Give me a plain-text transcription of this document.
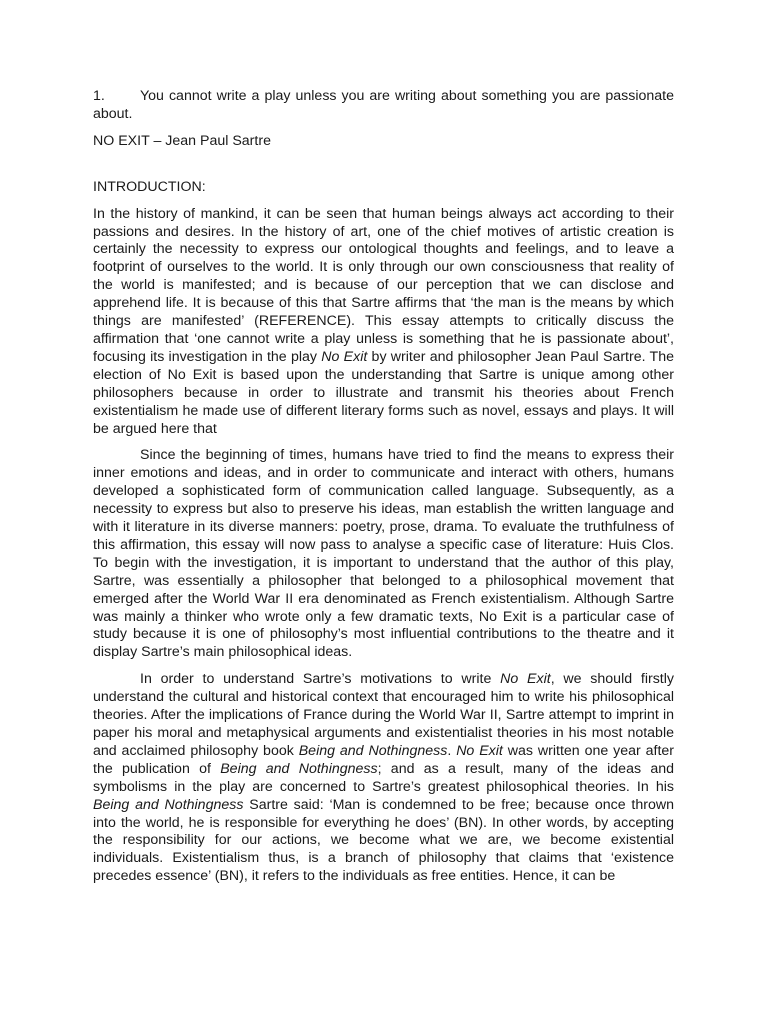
1. You cannot write a play unless you are writing about something you are passionate about.

NO EXIT – Jean Paul Sartre

INTRODUCTION:

In the history of mankind, it can be seen that human beings always act according to their passions and desires. In the history of art, one of the chief motives of artistic creation is certainly the necessity to express our ontological thoughts and feelings, and to leave a footprint of ourselves to the world. It is only through our own consciousness that reality of the world is manifested; and is because of our perception that we can disclose and apprehend life. It is because of this that Sartre affirms that ‘the man is the means by which things are manifested’ (REFERENCE). This essay attempts to critically discuss the affirmation that ‘one cannot write a play unless is something that he is passionate about’, focusing its investigation in the play No Exit by writer and philosopher Jean Paul Sartre. The election of No Exit is based upon the understanding that Sartre is unique among other philosophers because in order to illustrate and transmit his theories about French existentialism he made use of different literary forms such as novel, essays and plays. It will be argued here that

Since the beginning of times, humans have tried to find the means to express their inner emotions and ideas, and in order to communicate and interact with others, humans developed a sophisticated form of communication called language. Subsequently, as a necessity to express but also to preserve his ideas, man establish the written language and with it literature in its diverse manners: poetry, prose, drama. To evaluate the truthfulness of this affirmation, this essay will now pass to analyse a specific case of literature: Huis Clos. To begin with the investigation, it is important to understand that the author of this play, Sartre, was essentially a philosopher that belonged to a philosophical movement that emerged after the World War II era denominated as French existentialism. Although Sartre was mainly a thinker who wrote only a few dramatic texts, No Exit is a particular case of study because it is one of philosophy’s most influential contributions to the theatre and it display Sartre’s main philosophical ideas.

In order to understand Sartre’s motivations to write No Exit, we should firstly understand the cultural and historical context that encouraged him to write his philosophical theories. After the implications of France during the World War II, Sartre attempt to imprint in paper his moral and metaphysical arguments and existentialist theories in his most notable and acclaimed philosophy book Being and Nothingness. No Exit was written one year after the publication of Being and Nothingness; and as a result, many of the ideas and symbolisms in the play are concerned to Sartre’s greatest philosophical theories. In his Being and Nothingness Sartre said: ‘Man is condemned to be free; because once thrown into the world, he is responsible for everything he does’ (BN). In other words, by accepting the responsibility for our actions, we become what we are, we become existential individuals. Existentialism thus, is a branch of philosophy that claims that ‘existence precedes essence’ (BN), it refers to the individuals as free entities. Hence, it can be
